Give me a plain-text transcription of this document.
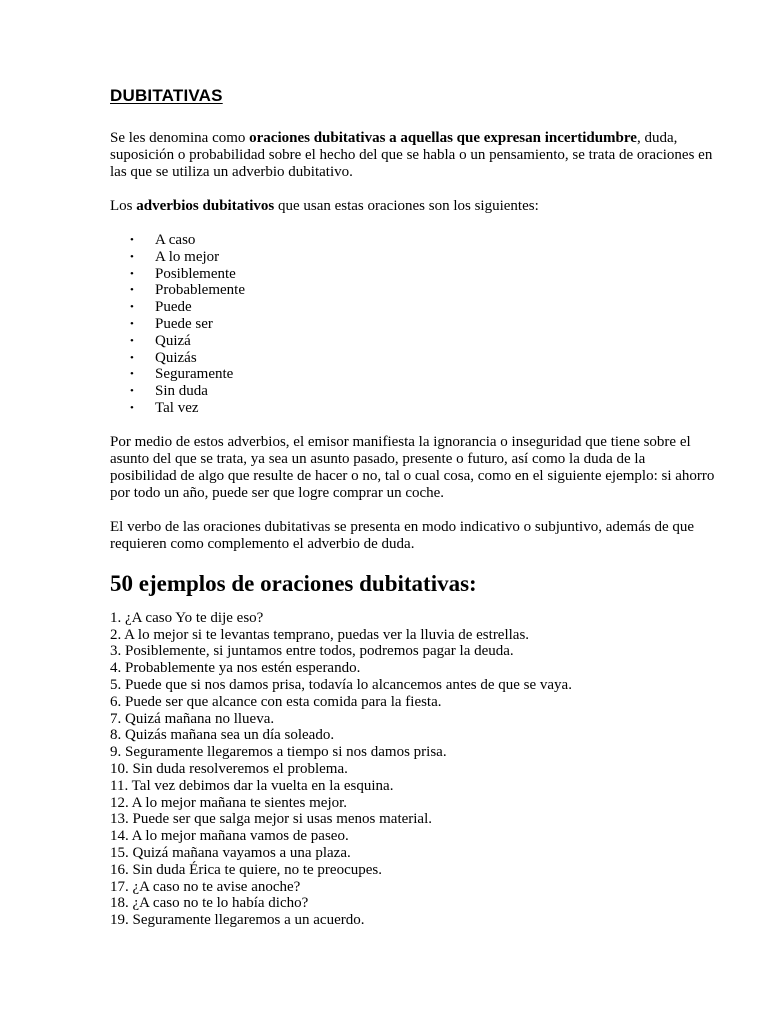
DUBITATIVAS

Se les denomina como oraciones dubitativas a aquellas que expresan incertidumbre, duda, suposición o probabilidad sobre el hecho del que se habla o un pensamiento, se trata de oraciones en las que se utiliza un adverbio dubitativo.

Los adverbios dubitativos que usan estas oraciones son los siguientes:

• A caso
• A lo mejor
• Posiblemente
• Probablemente
• Puede
• Puede ser
• Quizá
• Quizás
• Seguramente
• Sin duda
• Tal vez

Por medio de estos adverbios, el emisor manifiesta la ignorancia o inseguridad que tiene sobre el asunto del que se trata, ya sea un asunto pasado, presente o futuro, así como la duda de la posibilidad de algo que resulte de hacer o no, tal o cual cosa, como en el siguiente ejemplo: si ahorro por todo un año, puede ser que logre comprar un coche.

El verbo de las oraciones dubitativas se presenta en modo indicativo o subjuntivo, además de que requieren como complemento el adverbio de duda.

50 ejemplos de oraciones dubitativas:
1. ¿A caso Yo te dije eso?
2. A lo mejor si te levantas temprano, puedas ver la lluvia de estrellas.
3. Posiblemente, si juntamos entre todos, podremos pagar la deuda.
4. Probablemente ya nos estén esperando.
5. Puede que si nos damos prisa, todavía lo alcancemos antes de que se vaya.
6. Puede ser que alcance con esta comida para la fiesta.
7. Quizá mañana no llueva.
8. Quizás mañana sea un día soleado.
9. Seguramente llegaremos a tiempo si nos damos prisa.
10. Sin duda resolveremos el problema.
11. Tal vez debimos dar la vuelta en la esquina.
12. A lo mejor mañana te sientes mejor.
13. Puede ser que salga mejor si usas menos material.
14. A lo mejor mañana vamos de paseo.
15. Quizá mañana vayamos a una plaza.
16. Sin duda Érica te quiere, no te preocupes.
17. ¿A caso no te avise anoche?
18. ¿A caso no te lo había dicho?
19. Seguramente llegaremos a un acuerdo.
